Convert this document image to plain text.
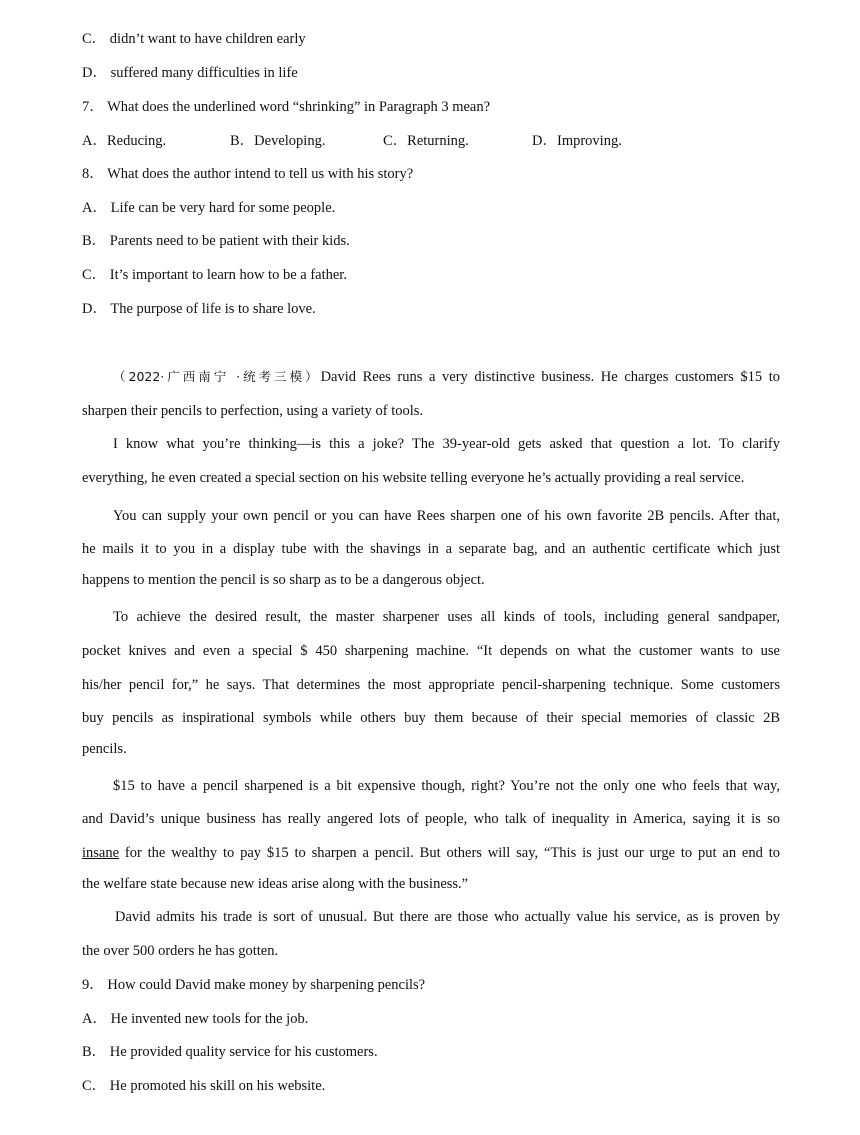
C． didn’t want to have children early
D． suffered many difficulties in life
7． What does the underlined word “shrinking” in Paragraph 3 mean?
A．Reducing.	B．Developing.	C．Returning.	D．Improving.
8． What does the author intend to tell us with his story?
A． Life can be very hard for some people.
B． Parents need to be patient with their kids.
C． It’s important to learn how to be a father.
D． The purpose of life is to share love.
（2022·广西南宁 ·统考三模）David Rees runs a very distinctive business. He charges customers $15 to
sharpen their pencils to perfection, using a variety of tools.
I know what you’re thinking—is this a joke? The 39-year-old gets asked that question a lot. To clarify
everything, he even created a special section on his website telling everyone he’s actually providing a real service.
You can supply your own pencil or you can have Rees sharpen one of his own favorite 2B pencils. After that,
he mails it to you in a display tube with the shavings in a separate bag, and an authentic certificate which just
happens to mention the pencil is so sharp as to be a dangerous object.
To achieve the desired result, the master sharpener uses all kinds of tools, including general sandpaper,
pocket knives and even a special $ 450 sharpening machine. “It depends on what the customer wants to use
his/her pencil for,” he says. That determines the most appropriate pencil-sharpening technique. Some customers
buy pencils as inspirational symbols while others buy them because of their special memories of classic 2B
pencils.
$15 to have a pencil sharpened is a bit expensive though, right? You’re not the only one who feels that way,
and David’s unique business has really angered lots of people, who talk of inequality in America, saying it is so
insane for the wealthy to pay $15 to sharpen a pencil. But others will say, “This is just our urge to put an end to
the welfare state because new ideas arise along with the business.”
David admits his trade is sort of unusual. But there are those who actually value his service, as is proven by
the over 500 orders he has gotten.
9． How could David make money by sharpening pencils?
A． He invented new tools for the job.
B． He provided quality service for his customers.
C． He promoted his skill on his website.
